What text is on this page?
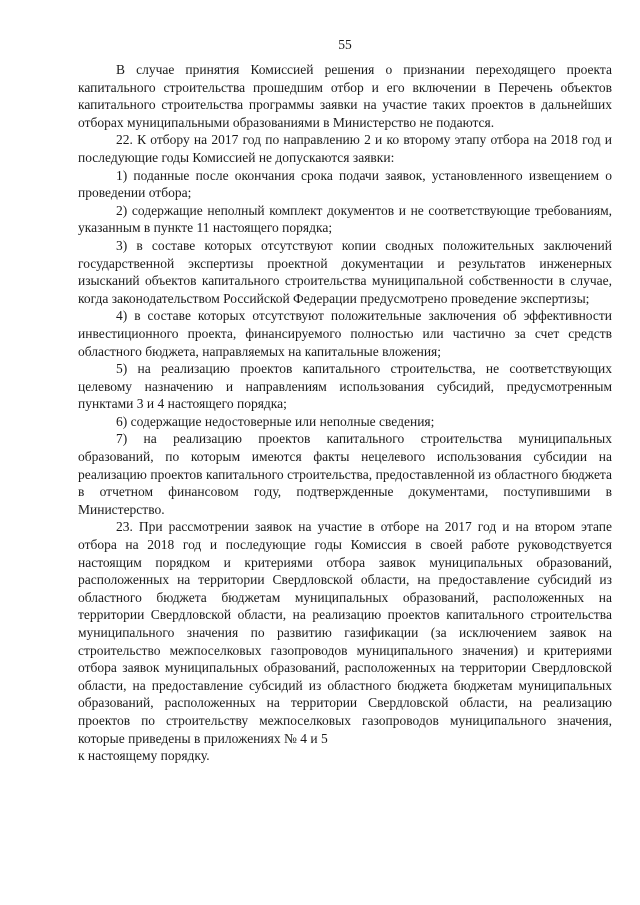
55

В случае принятия Комиссией решения о признании переходящего проекта капитального строительства прошедшим отбор и его включении в Перечень объектов капитального строительства программы заявки на участие таких проектов в дальнейших отборах муниципальными образованиями в Министерство не подаются.

22. К отбору на 2017 год по направлению 2 и ко второму этапу отбора на 2018 год и последующие годы Комиссией не допускаются заявки:

1) поданные после окончания срока подачи заявок, установленного извещением о проведении отбора;

2) содержащие неполный комплект документов и не соответствующие требованиям, указанным в пункте 11 настоящего порядка;

3) в составе которых отсутствуют копии сводных положительных заключений государственной экспертизы проектной документации и результатов инженерных изысканий объектов капитального строительства муниципальной собственности в случае, когда законодательством Российской Федерации предусмотрено проведение экспертизы;

4) в составе которых отсутствуют положительные заключения об эффективности инвестиционного проекта, финансируемого полностью или частично за счет средств областного бюджета, направляемых на капитальные вложения;

5) на реализацию проектов капитального строительства, не соответствующих целевому назначению и направлениям использования субсидий, предусмотренным пунктами 3 и 4 настоящего порядка;

6) содержащие недостоверные или неполные сведения;

7) на реализацию проектов капитального строительства муниципальных образований, по которым имеются факты нецелевого использования субсидии на реализацию проектов капитального строительства, предоставленной из областного бюджета в отчетном финансовом году, подтвержденные документами, поступившими в Министерство.

23. При рассмотрении заявок на участие в отборе на 2017 год и на втором этапе отбора на 2018 год и последующие годы Комиссия в своей работе руководствуется настоящим порядком и критериями отбора заявок муниципальных образований, расположенных на территории Свердловской области, на предоставление субсидий из областного бюджета бюджетам муниципальных образований, расположенных на территории Свердловской области, на реализацию проектов капитального строительства муниципального значения по развитию газификации (за исключением заявок на строительство межпоселковых газопроводов муниципального значения) и критериями отбора заявок муниципальных образований, расположенных на территории Свердловской области, на предоставление субсидий из областного бюджета бюджетам муниципальных образований, расположенных на территории Свердловской области, на реализацию проектов по строительству межпоселковых газопроводов муниципального значения, которые приведены в приложениях № 4 и 5

к настоящему порядку.
